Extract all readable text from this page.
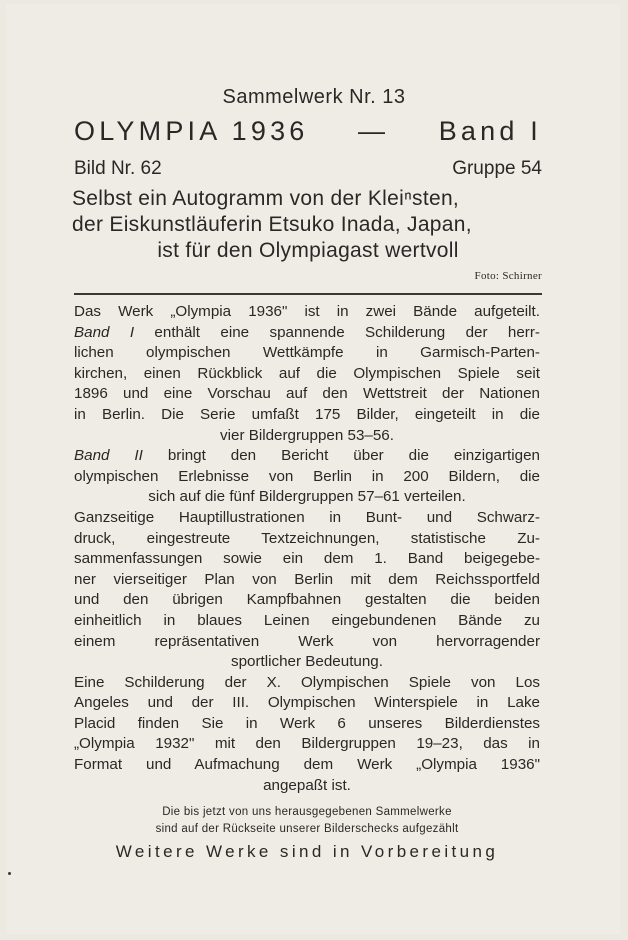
Sammelwerk Nr. 13
OLYMPIA 1936 — Band I
Bild Nr. 62	Gruppe 54
Selbst ein Autogramm von der Kleiⁿsten,
der Eiskunstläuferin Etsuko Inada, Japan,
ist für den Olympiagast wertvoll
Foto: Schirner
Das Werk „Olympia 1936" ist in zwei Bände aufgeteilt.
Band I enthält eine spannende Schilderung der herr-
lichen olympischen Wettkämpfe in Garmisch-Parten-
kirchen, einen Rückblick auf die Olympischen Spiele seit
1896 und eine Vorschau auf den Wettstreit der Nationen
in Berlin. Die Serie umfaßt 175 Bilder, eingeteilt in die
vier Bildergruppen 53–56.
Band II bringt den Bericht über die einzigartigen
olympischen Erlebnisse von Berlin in 200 Bildern, die
sich auf die fünf Bildergruppen 57–61 verteilen.
Ganzseitige Hauptillustrationen in Bunt- und Schwarz-
druck, eingestreute Textzeichnungen, statistische Zu-
sammenfassungen sowie ein dem 1. Band beigegebe-
ner vierseitiger Plan von Berlin mit dem Reichssportfeld
und den übrigen Kampfbahnen gestalten die beiden
einheitlich in blaues Leinen eingebundenen Bände zu
einem repräsentativen Werk von hervorragender
sportlicher Bedeutung.
Eine Schilderung der X. Olympischen Spiele von Los
Angeles und der III. Olympischen Winterspiele in Lake
Placid finden Sie in Werk 6 unseres Bilderdienstes
„Olympia 1932" mit den Bildergruppen 19–23, das in
Format und Aufmachung dem Werk „Olympia 1936"
angepaßt ist.
Die bis jetzt von uns herausgegebenen Sammelwerke
sind auf der Rückseite unserer Bilderschecks aufgezählt
Weitere Werke sind in Vorbereitung
